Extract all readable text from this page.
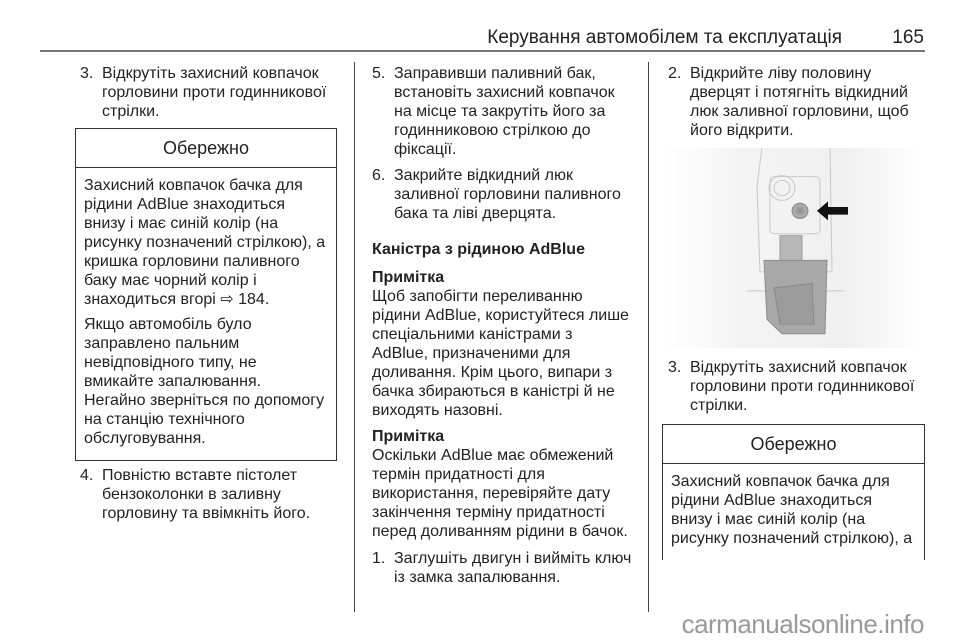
Керування автомобілем та експлуатація	165
3. Відкрутіть захисний ковпачок
горловини проти годинникової
стрілки.
Обережно

Захисний ковпачок бачка для
рідини AdBlue знаходиться
внизу і має синій колір (на
рисунку позначений стрілкою), а
кришка горловини паливного
баку має чорний колір і
знаходиться вгорі ⇨ 184.

Якщо автомобіль було
заправлено пальним
невідповідного типу, не
вмикайте запалювання.
Негайно зверніться по допомогу
на станцію технічного
обслуговування.

4. Повністю вставте пістолет
бензоколонки в заливну
горловину та ввімкніть його.
5. Заправивши паливний бак,
встановіть захисний ковпачок
на місце та закрутіть його за
годинниковою стрілкою до
фіксації.
6. Закрийте відкидний люк
заливної горловини паливного
бака та ліві дверцята.
Каністра з рідиною AdBlue
Примітка
Щоб запобігти переливанню
рідини AdBlue, користуйтеся лише
спеціальними каністрами з
AdBlue, призначеними для
доливання. Крім цього, випари з
бачка збираються в каністрі й не
виходять назовні.
Примітка
Оскільки AdBlue має обмежений
термін придатності для
використання, перевіряйте дату
закінчення терміну придатності
перед доливанням рідини в бачок.
1. Заглушіть двигун і вийміть ключ
із замка запалювання.
2. Відкрийте ліву половину
дверцят і потягніть відкидний
люк заливної горловини, щоб
його відкрити.
3. Відкрутіть захисний ковпачок
горловини проти годинникової
стрілки.
Обережно

Захисний ковпачок бачка для
рідини AdBlue знаходиться
внизу і має синій колір (на
рисунку позначений стрілкою), а

carmanualsonline.info
